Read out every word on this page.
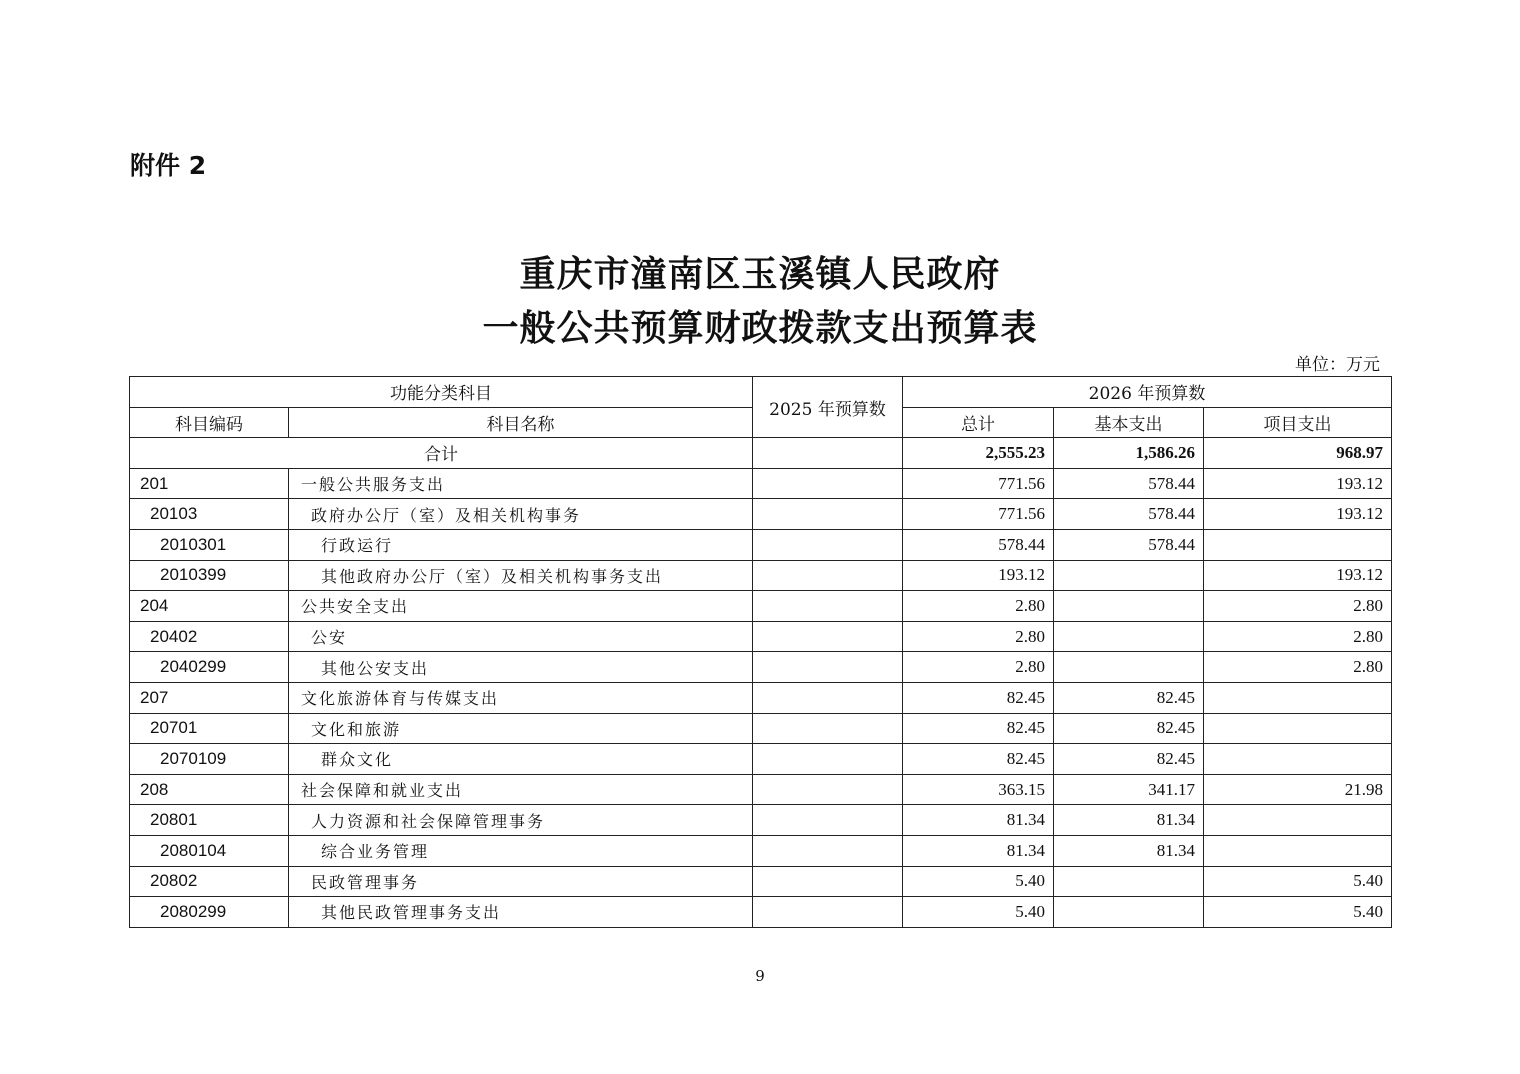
附件 2
重庆市潼南区玉溪镇人民政府
一般公共预算财政拨款支出预算表
单位：万元
功能分类科目		2025 年预算数	2026 年预算数		
科目编码	科目名称		总计	基本支出	项目支出
合计			2,555.23	1,586.26	968.97
201	一般公共服务支出		771.56	578.44	193.12
20103	政府办公厅（室）及相关机构事务		771.56	578.44	193.12
2010301	行政运行		578.44	578.44	
2010399	其他政府办公厅（室）及相关机构事务支出		193.12		193.12
204	公共安全支出		2.80		2.80
20402	公安		2.80		2.80
2040299	其他公安支出		2.80		2.80
207	文化旅游体育与传媒支出		82.45	82.45	
20701	文化和旅游		82.45	82.45	
2070109	群众文化		82.45	82.45	
208	社会保障和就业支出		363.15	341.17	21.98
20801	人力资源和社会保障管理事务		81.34	81.34	
2080104	综合业务管理		81.34	81.34	
20802	民政管理事务		5.40		5.40
2080299	其他民政管理事务支出		5.40		5.40
9
